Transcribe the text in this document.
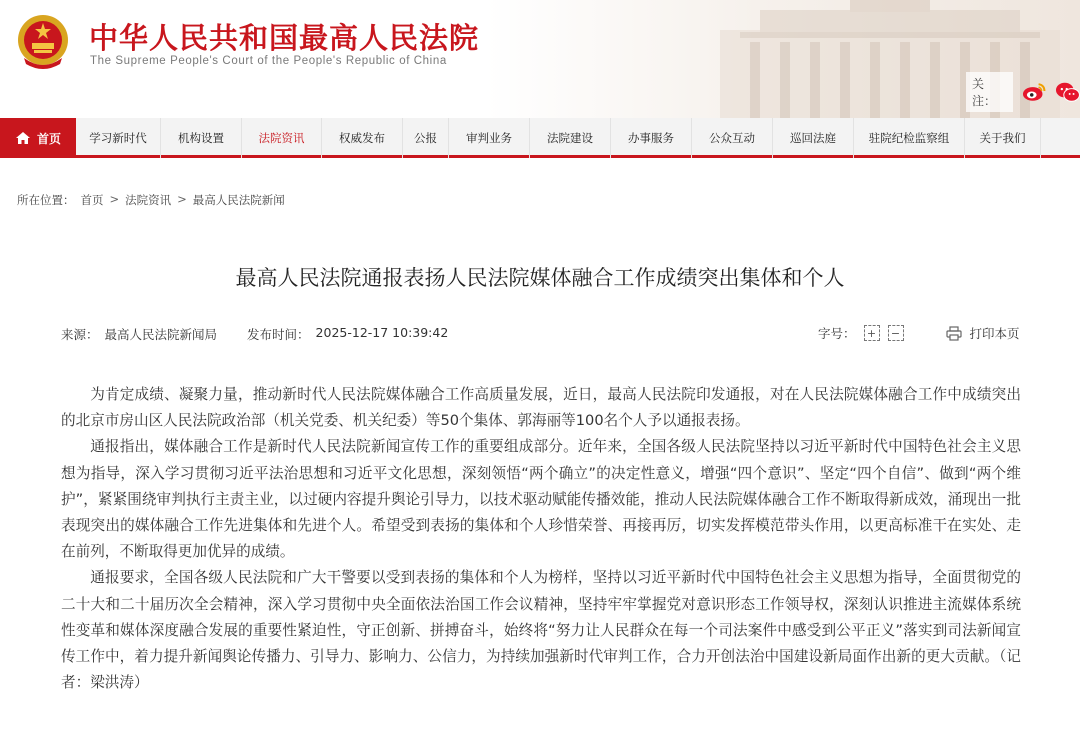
中华人民共和国最高人民法院
The Supreme People's Court of the People's Republic of China
关注：
首页	学习新时代	机构设置	法院资讯	权威发布	公报	审判业务	法院建设	办事服务	公众互动	巡回法庭	驻院纪检监察组	关于我们
所在位置： 首页 > 法院资讯 > 最高人民法院新闻
最高人民法院通报表扬人民法院媒体融合工作成绩突出集体和个人
来源： 最高人民法院新闻局 发布时间： 2025-12-17 10:39:42	字号：	+	−	打印本页

为肯定成绩、凝聚力量，推动新时代人民法院媒体融合工作高质量发展，近日，最高人民法院印发通报，对在人民法院媒体融合工作中成绩突出的北京市房山区人民法院政治部（机关党委、机关纪委）等50个集体、郭海丽等100名个人予以通报表扬。

通报指出，媒体融合工作是新时代人民法院新闻宣传工作的重要组成部分。近年来，全国各级人民法院坚持以习近平新时代中国特色社会主义思想为指导，深入学习贯彻习近平法治思想和习近平文化思想，深刻领悟“两个确立”的决定性意义，增强“四个意识”、坚定“四个自信”、做到“两个维护”，紧紧围绕审判执行主责主业，以过硬内容提升舆论引导力，以技术驱动赋能传播效能，推动人民法院媒体融合工作不断取得新成效，涌现出一批表现突出的媒体融合工作先进集体和先进个人。希望受到表扬的集体和个人珍惜荣誉、再接再厉，切实发挥模范带头作用，以更高标准干在实处、走在前列，不断取得更加优异的成绩。

通报要求，全国各级人民法院和广大干警要以受到表扬的集体和个人为榜样，坚持以习近平新时代中国特色社会主义思想为指导，全面贯彻党的二十大和二十届历次全会精神，深入学习贯彻中央全面依法治国工作会议精神，坚持牢牢掌握党对意识形态工作领导权，深刻认识推进主流媒体系统性变革和媒体深度融合发展的重要性紧迫性，守正创新、拼搏奋斗，始终将“努力让人民群众在每一个司法案件中感受到公平正义”落实到司法新闻宣传工作中，着力提升新闻舆论传播力、引导力、影响力、公信力，为持续加强新时代审判工作，合力开创法治中国建设新局面作出新的更大贡献。（记者：梁洪涛）
